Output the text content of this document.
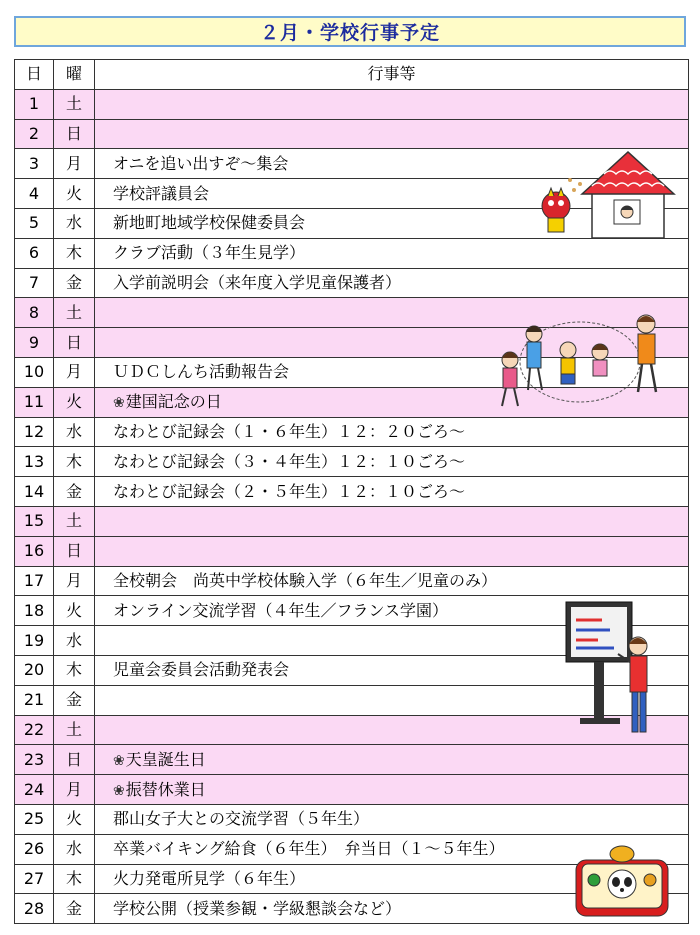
２月・学校行事予定
日	曜	行事等
1	土	
2	日	
3	月	オニを追い出すぞ～集会
4	火	学校評議員会
5	水	新地町地域学校保健委員会
6	木	クラブ活動（３年生見学）
7	金	入学前説明会（来年度入学児童保護者）
8	土	
9	日	
10	月	ＵＤＣしんち活動報告会
11	火	❀建国記念の日
12	水	なわとび記録会（１・６年生）１２：２０ごろ～
13	木	なわとび記録会（３・４年生）１２：１０ごろ～
14	金	なわとび記録会（２・５年生）１２：１０ごろ～
15	土	
16	日	
17	月	全校朝会　尚英中学校体験入学（６年生／児童のみ）
18	火	オンライン交流学習（４年生／フランス学園）
19	水	
20	木	児童会委員会活動発表会
21	金	
22	土	
23	日	❀天皇誕生日
24	月	❀振替休業日
25	火	郡山女子大との交流学習（５年生）
26	水	卒業バイキング給食（６年生）　弁当日（１～５年生）
27	木	火力発電所見学（６年生）
28	金	学校公開（授業参観・学級懇談会など）
